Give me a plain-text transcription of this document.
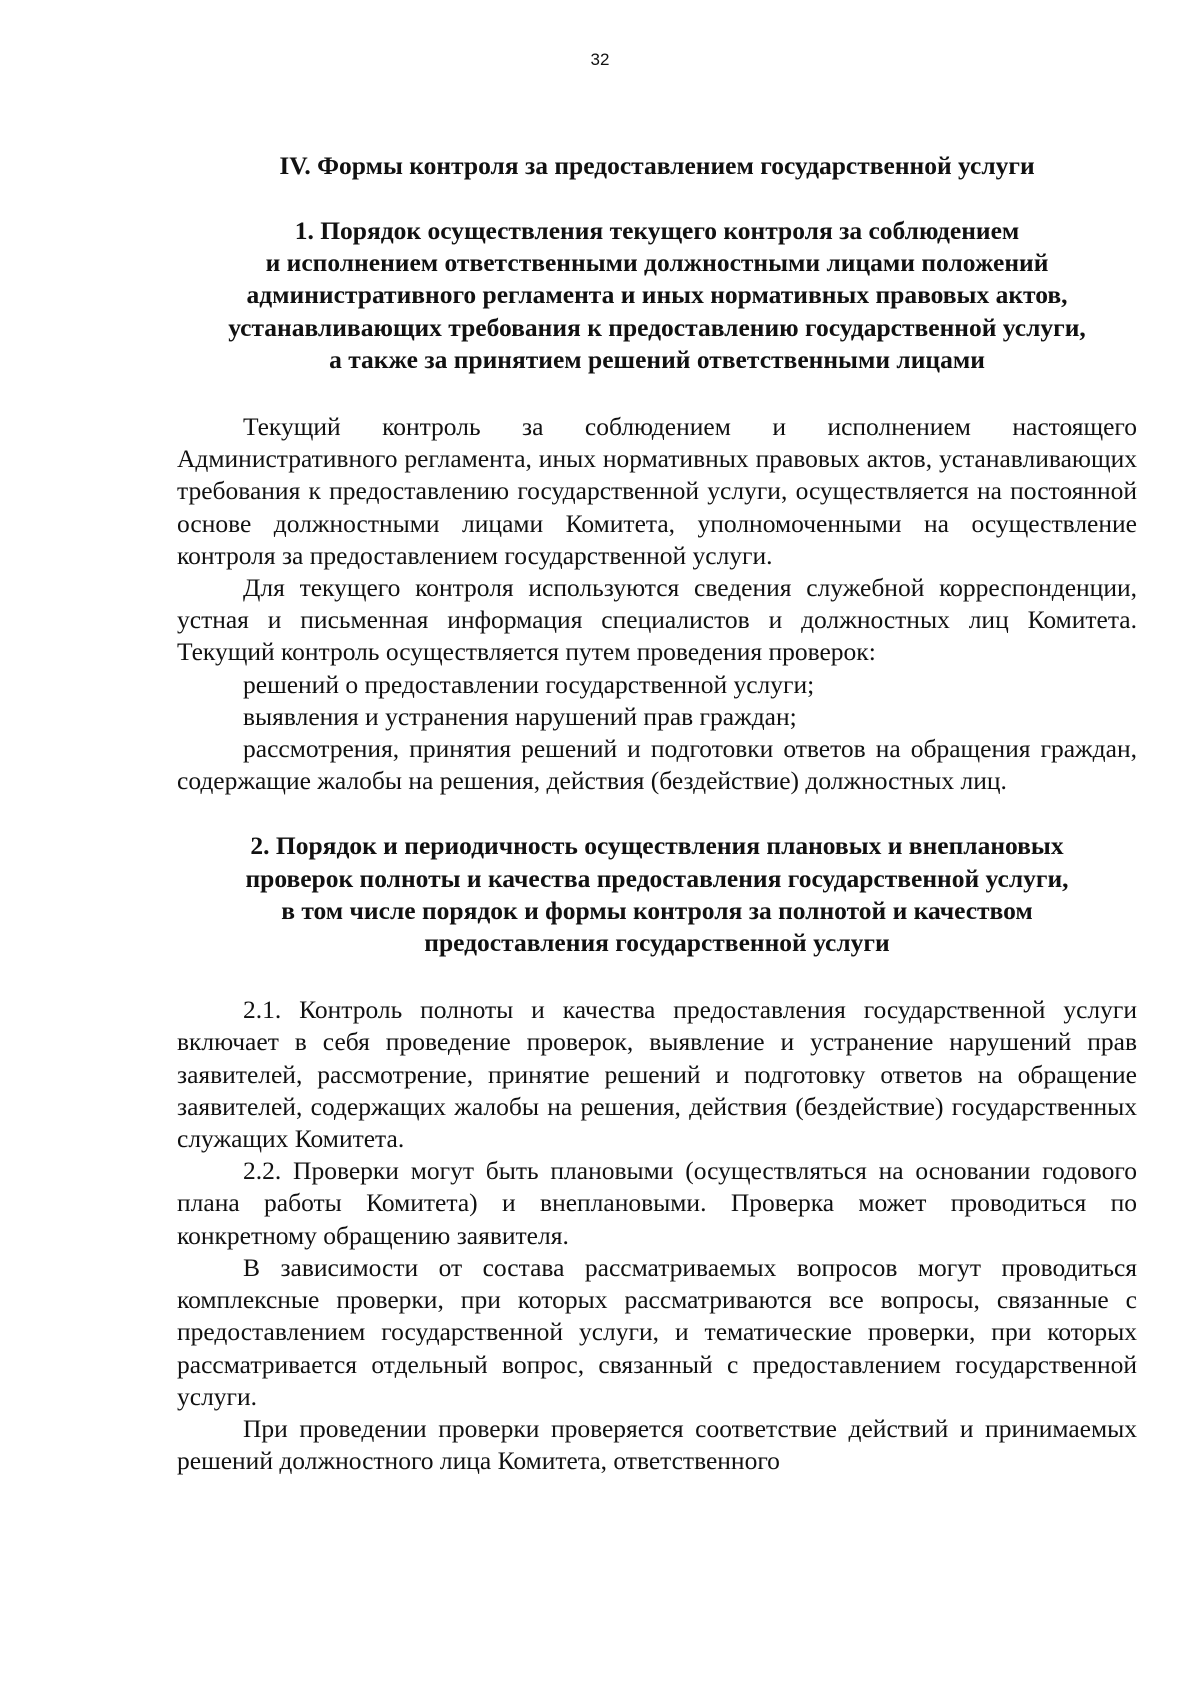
32
IV. Формы контроля за предоставлением государственной услуги
1. Порядок осуществления текущего контроля за соблюдением
и исполнением ответственными должностными лицами положений
административного регламента и иных нормативных правовых актов,
устанавливающих требования к предоставлению государственной услуги,
а также за принятием решений ответственными лицами

Текущий контроль за соблюдением и исполнением настоящего Административного регламента, иных нормативных правовых актов, устанавливающих требования к предоставлению государственной услуги, осуществляется на постоянной основе должностными лицами Комитета, уполномоченными на осуществление контроля за предоставлением государственной услуги.

Для текущего контроля используются сведения служебной корреспонденции, устная и письменная информация специалистов и должностных лиц Комитета. Текущий контроль осуществляется путем проведения проверок:

решений о предоставлении государственной услуги;

выявления и устранения нарушений прав граждан;

рассмотрения, принятия решений и подготовки ответов на обращения граждан, содержащие жалобы на решения, действия (бездействие) должностных лиц.

2. Порядок и периодичность осуществления плановых и внеплановых
проверок полноты и качества предоставления государственной услуги,
в том числе порядок и формы контроля за полнотой и качеством
предоставления государственной услуги

2.1. Контроль полноты и качества предоставления государственной услуги включает в себя проведение проверок, выявление и устранение нарушений прав заявителей, рассмотрение, принятие решений и подготовку ответов на обращение заявителей, содержащих жалобы на решения, действия (бездействие) государственных служащих Комитета.

2.2. Проверки могут быть плановыми (осуществляться на основании годового плана работы Комитета) и внеплановыми. Проверка может проводиться по конкретному обращению заявителя.

В зависимости от состава рассматриваемых вопросов могут проводиться комплексные проверки, при которых рассматриваются все вопросы, связанные с предоставлением государственной услуги, и тематические проверки, при которых рассматривается отдельный вопрос, связанный с предоставлением государственной услуги.

При проведении проверки проверяется соответствие действий и принимаемых решений должностного лица Комитета, ответственного
